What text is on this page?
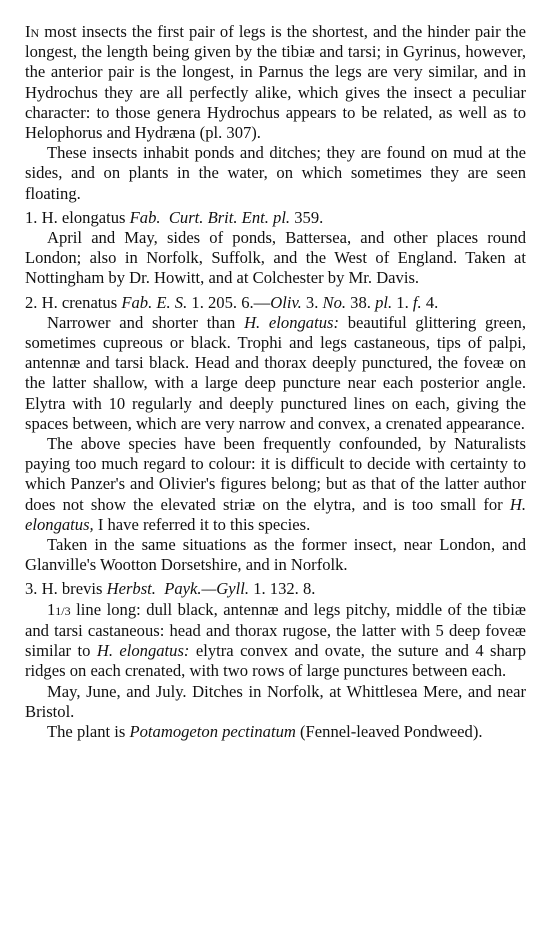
In most insects the first pair of legs is the shortest, and the hinder pair the longest, the length being given by the tibiæ and tarsi; in Gyrinus, however, the anterior pair is the longest, in Parnus the legs are very similar, and in Hydrochus they are all perfectly alike, which gives the insect a peculiar character: to those genera Hydrochus appears to be related, as well as to Helophorus and Hydræna (pl. 307).

These insects inhabit ponds and ditches; they are found on mud at the sides, and on plants in the water, on which sometimes they are seen floating.

1. H. elongatus Fab. Curt. Brit. Ent. pl. 359.

April and May, sides of ponds, Battersea, and other places round London; also in Norfolk, Suffolk, and the West of England. Taken at Nottingham by Dr. Howitt, and at Colchester by Mr. Davis.

2. H. crenatus Fab. E. S. 1. 205. 6.—Oliv. 3. No. 38. pl. 1. f. 4.

Narrower and shorter than H. elongatus: beautiful glittering green, sometimes cupreous or black. Trophi and legs castaneous, tips of palpi, antennæ and tarsi black. Head and thorax deeply punctured, the foveæ on the latter shallow, with a large deep puncture near each posterior angle. Elytra with 10 regularly and deeply punctured lines on each, giving the spaces between, which are very narrow and convex, a crenated appearance.

The above species have been frequently confounded, by Naturalists paying too much regard to colour: it is difficult to decide with certainty to which Panzer's and Olivier's figures belong; but as that of the latter author does not show the elevated striæ on the elytra, and is too small for H. elongatus, I have referred it to this species.

Taken in the same situations as the former insect, near London, and Glanville's Wootton Dorsetshire, and in Norfolk.

3. H. brevis Herbst. Payk.—Gyll. 1. 132. 8.

11/3 line long: dull black, antennæ and legs pitchy, middle of the tibiæ and tarsi castaneous: head and thorax rugose, the latter with 5 deep foveæ similar to H. elongatus: elytra convex and ovate, the suture and 4 sharp ridges on each crenated, with two rows of large punctures between each.

May, June, and July. Ditches in Norfolk, at Whittlesea Mere, and near Bristol.

The plant is Potamogeton pectinatum (Fennel-leaved Pondweed).
